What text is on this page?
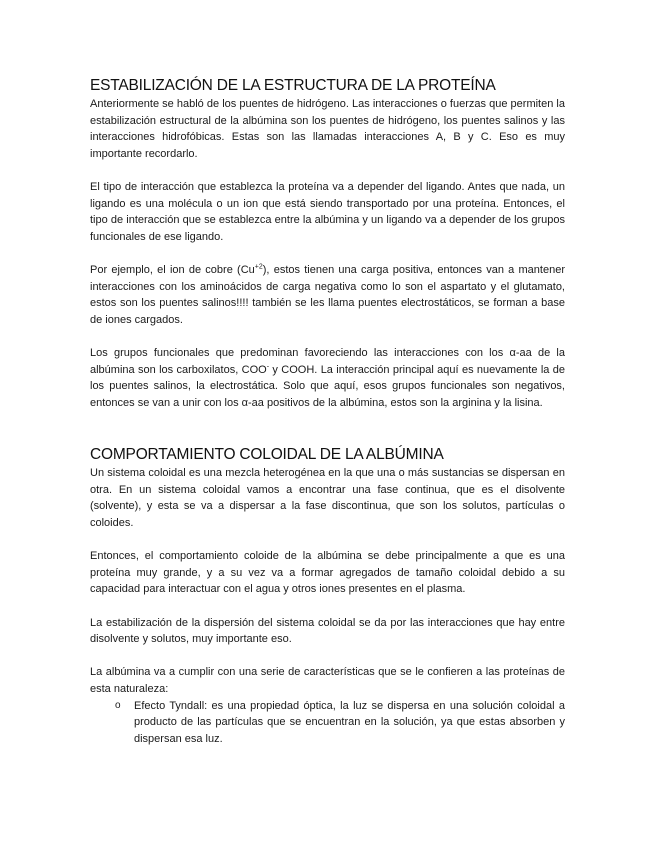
ESTABILIZACIÓN DE LA ESTRUCTURA DE LA PROTEÍNA

Anteriormente se habló de los puentes de hidrógeno. Las interacciones o fuerzas que permiten la estabilización estructural de la albúmina son los puentes de hidrógeno, los puentes salinos y las interacciones hidrofóbicas. Estas son las llamadas interacciones A, B y C. Eso es muy importante recordarlo.

El tipo de interacción que establezca la proteína va a depender del ligando. Antes que nada, un ligando es una molécula o un ion que está siendo transportado por una proteína. Entonces, el tipo de interacción que se establezca entre la albúmina y un ligando va a depender de los grupos funcionales de ese ligando.

Por ejemplo, el ion de cobre $(Cu^{+2})$, estos tienen una carga positiva, entonces van a mantener interacciones con los aminoácidos de carga negativa como lo son el aspartato y el glutamato, estos son los puentes salinos!!!! también se les llama puentes electrostáticos, se forman a base de iones cargados.

Los grupos funcionales que predominan favoreciendo las interacciones con los α-aa de la albúmina son los carboxilatos, COO- y COOH. La interacción principal aquí es nuevamente la de los puentes salinos, la electrostática. Solo que aquí, esos grupos funcionales son negativos, entonces se van a unir con los α-aa positivos de la albúmina, estos son la arginina y la lisina.

COMPORTAMIENTO COLOIDAL DE LA ALBÚMINA

Un sistema coloidal es una mezcla heterogénea en la que una o más sustancias se dispersan en otra. En un sistema coloidal vamos a encontrar una fase continua, que es el disolvente (solvente), y esta se va a dispersar a la fase discontinua, que son los solutos, partículas o coloides.

Entonces, el comportamiento coloide de la albúmina se debe principalmente a que es una proteína muy grande, y a su vez va a formar agregados de tamaño coloidal debido a su capacidad para interactuar con el agua y otros iones presentes en el plasma.

La estabilización de la dispersión del sistema coloidal se da por las interacciones que hay entre disolvente y solutos, muy importante eso.

La albúmina va a cumplir con una serie de características que se le confieren a las proteínas de esta naturaleza:

o Efecto Tyndall: es una propiedad óptica, la luz se dispersa en una solución coloidal a producto de las partículas que se encuentran en la solución, ya que estas absorben y dispersan esa luz.
